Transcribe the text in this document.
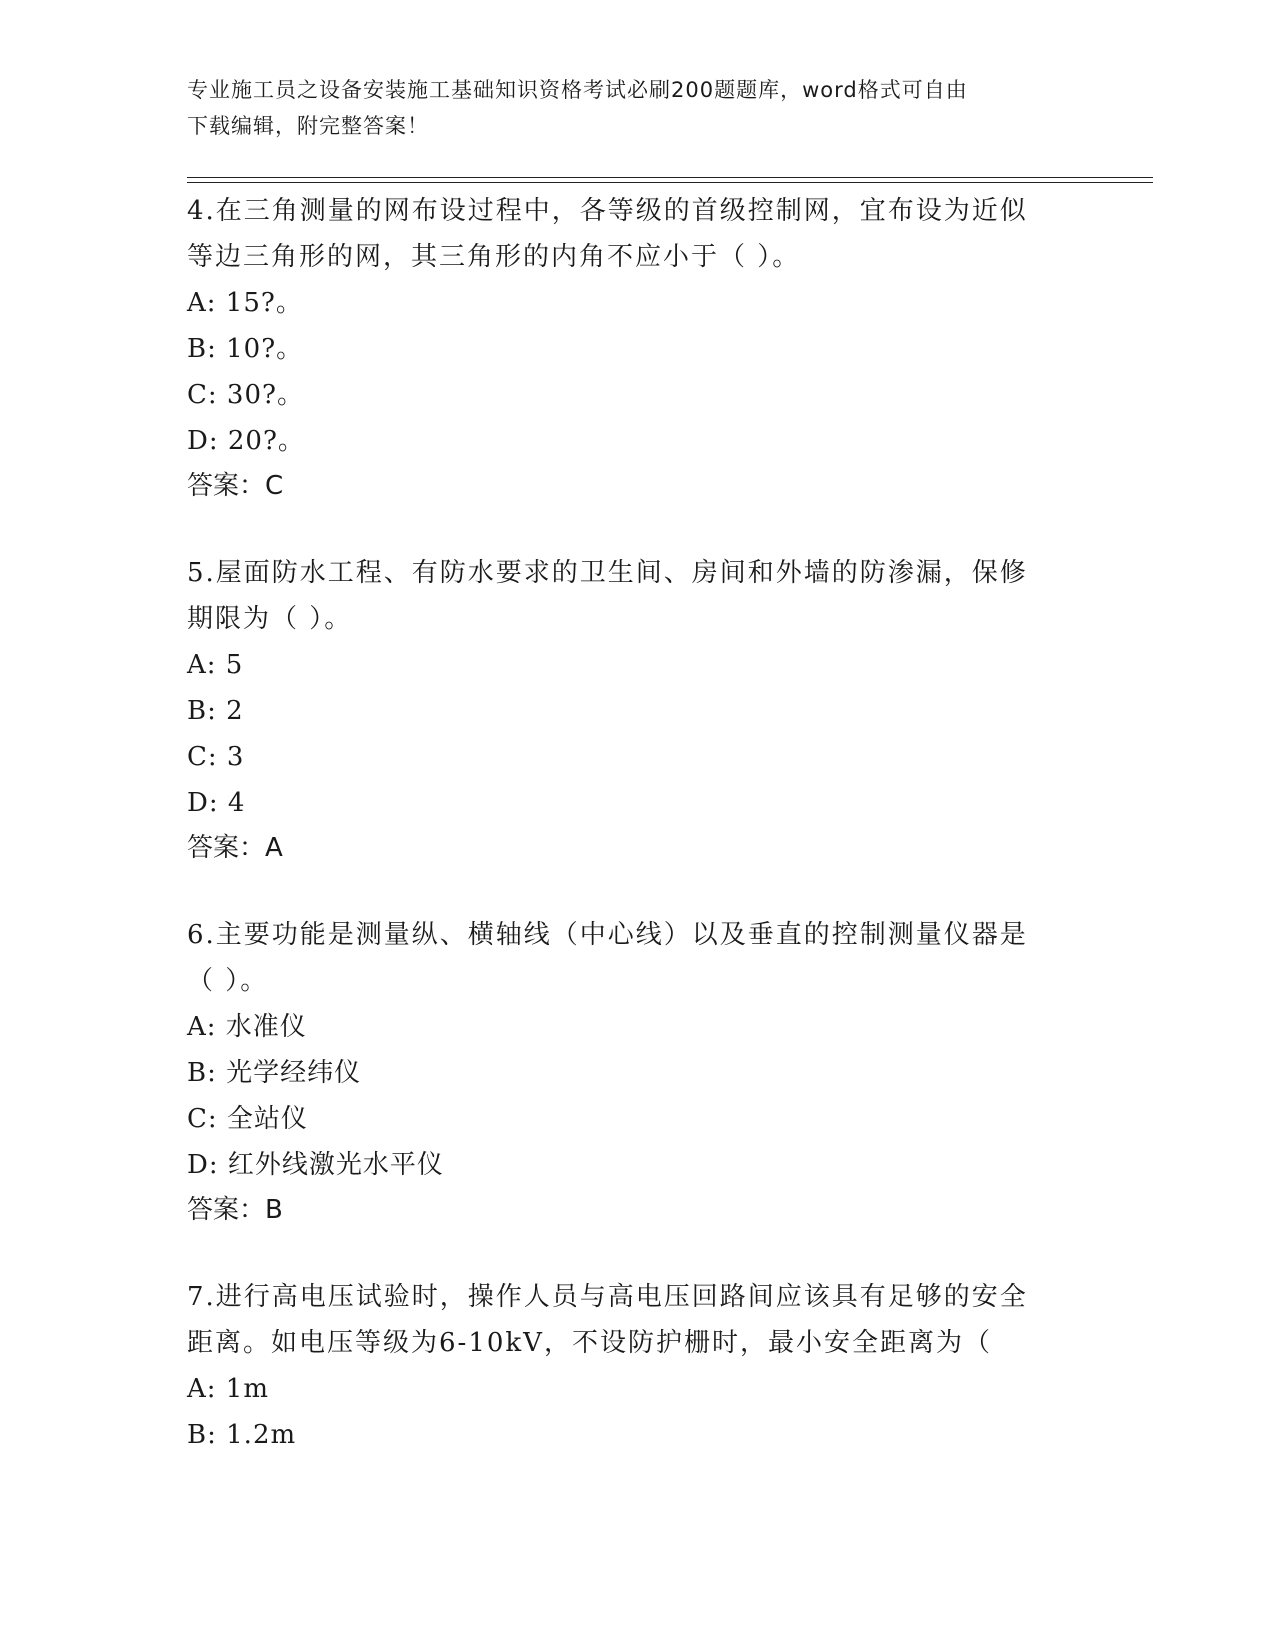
专业施工员之设备安装施工基础知识资格考试必刷200题题库，word格式可自由
下载编辑，附完整答案！

4.在三角测量的网布设过程中，各等级的首级控制网，宜布设为近似

等边三角形的网，其三角形的内角不应小于（ ）。

A: 15?。

B: 10?。

C: 30?。

D: 20?。

答案：C

5.屋面防水工程、有防水要求的卫生间、房间和外墙的防渗漏，保修

期限为（ ）。

A: 5

B: 2

C: 3

D: 4

答案：A

6.主要功能是测量纵、横轴线（中心线）以及垂直的控制测量仪器是

（ ）。

A: 水准仪

B: 光学经纬仪

C: 全站仪

D: 红外线激光水平仪

答案：B

7.进行高电压试验时，操作人员与高电压回路间应该具有足够的安全

距离。如电压等级为6-10kV，不设防护栅时，最小安全距离为（

A: 1m

B: 1.2m
